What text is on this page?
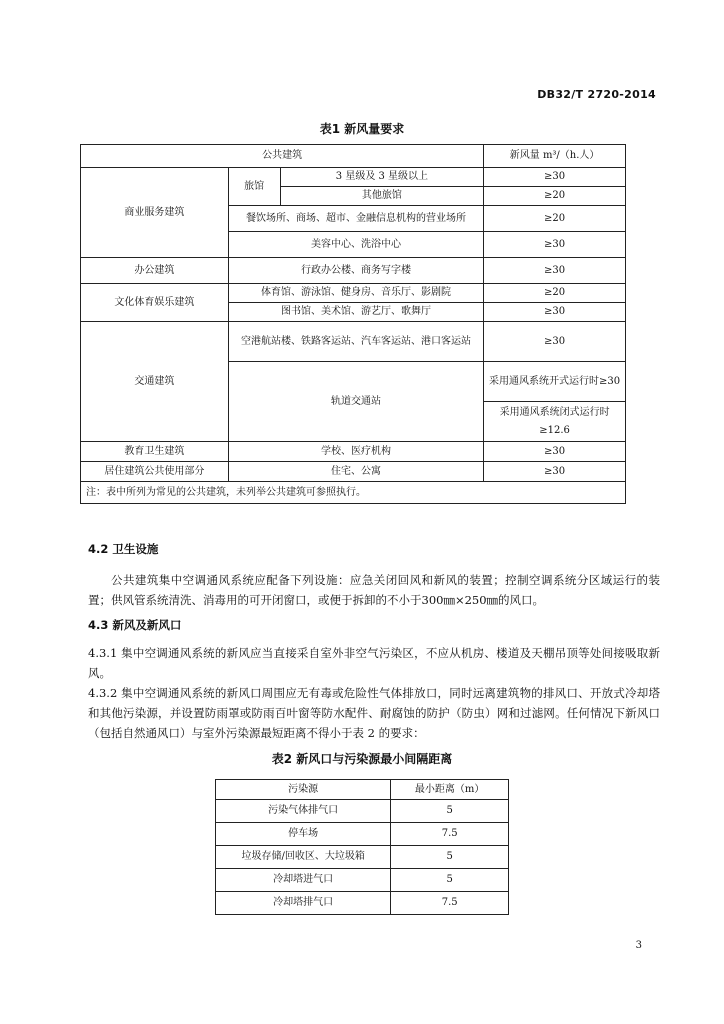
DB32/T 2720-2014
表1 新风量要求
公共建筑			新风量 m³/（h.人）
商业服务建筑	旅馆	3 星级及 3 星级以上	≥30
		其他旅馆	≥20
	餐饮场所、商场、超市、金融信息机构的营业场所		≥20
	美容中心、洗浴中心		≥30
办公建筑	行政办公楼、商务写字楼		≥30
文化体育娱乐建筑	体育馆、游泳馆、健身房、音乐厅、影剧院		≥20
	图书馆、美术馆、游艺厅、歌舞厅		≥30
交通建筑	空港航站楼、铁路客运站、汽车客运站、港口客运站		≥30
	轨道交通站		采用通风系统开式运行时≥30
			采用通风系统闭式运行时≥12.6
教育卫生建筑	学校、医疗机构		≥30
居住建筑公共使用部分	住宅、公寓		≥30
注：表中所列为常见的公共建筑，未列举公共建筑可参照执行。			
4.2 卫生设施
公共建筑集中空调通风系统应配备下列设施：应急关闭回风和新风的装置；控制空调系统分区域运行的装置；供风管系统清洗、消毒用的可开闭窗口，或便于拆卸的不小于300㎜×250㎜的风口。
4.3 新风及新风口
4.3.1 集中空调通风系统的新风应当直接采自室外非空气污染区，不应从机房、楼道及天棚吊顶等处间接吸取新风。
4.3.2 集中空调通风系统的新风口周围应无有毒或危险性气体排放口，同时远离建筑物的排风口、开放式冷却塔和其他污染源，并设置防雨罩或防雨百叶窗等防水配件、耐腐蚀的防护（防虫）网和过滤网。任何情况下新风口（包括自然通风口）与室外污染源最短距离不得小于表 2 的要求：
表2 新风口与污染源最小间隔距离
污染源	最小距离（m）
污染气体排气口	5
停车场	7.5
垃圾存储/回收区、大垃圾箱	5
冷却塔进气口	5
冷却塔排气口	7.5
3
